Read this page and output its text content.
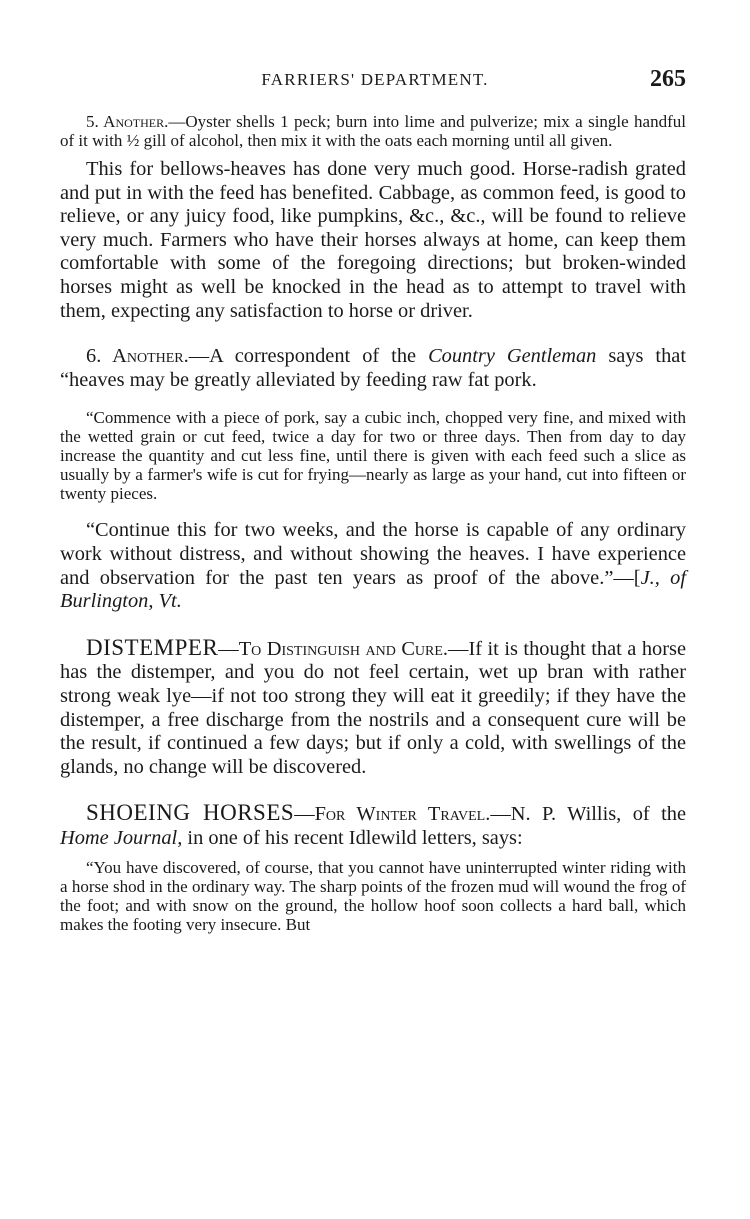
FARRIERS' DEPARTMENT.	265

5. Another.—Oyster shells 1 peck; burn into lime and pulverize; mix a single handful of it with ½ gill of alcohol, then mix it with the oats each morning until all given.

This for bellows-heaves has done very much good. Horse-radish grated and put in with the feed has benefited. Cabbage, as common feed, is good to relieve, or any juicy food, like pumpkins, &c., &c., will be found to relieve very much. Farmers who have their horses always at home, can keep them comfortable with some of the foregoing directions; but broken-winded horses might as well be knocked in the head as to attempt to travel with them, expecting any satisfaction to horse or driver.

6. Another.—A correspondent of the Country Gentleman says that “heaves may be greatly alleviated by feeding raw fat pork.

“Commence with a piece of pork, say a cubic inch, chopped very fine, and mixed with the wetted grain or cut feed, twice a day for two or three days. Then from day to day increase the quantity and cut less fine, until there is given with each feed such a slice as usually by a farmer's wife is cut for frying—nearly as large as your hand, cut into fifteen or twenty pieces.

“Continue this for two weeks, and the horse is capable of any ordinary work without distress, and without showing the heaves. I have experience and observation for the past ten years as proof of the above.”—[J., of Burlington, Vt.

DISTEMPER—To Distinguish and Cure.—If it is thought that a horse has the distemper, and you do not feel certain, wet up bran with rather strong weak lye—if not too strong they will eat it greedily; if they have the distemper, a free discharge from the nostrils and a consequent cure will be the result, if continued a few days; but if only a cold, with swellings of the glands, no change will be discovered.

SHOEING HORSES—For Winter Travel.—N. P. Willis, of the Home Journal, in one of his recent Idlewild letters, says:

“You have discovered, of course, that you cannot have uninterrupted winter riding with a horse shod in the ordinary way. The sharp points of the frozen mud will wound the frog of the foot; and with snow on the ground, the hollow hoof soon collects a hard ball, which makes the footing very insecure. But
